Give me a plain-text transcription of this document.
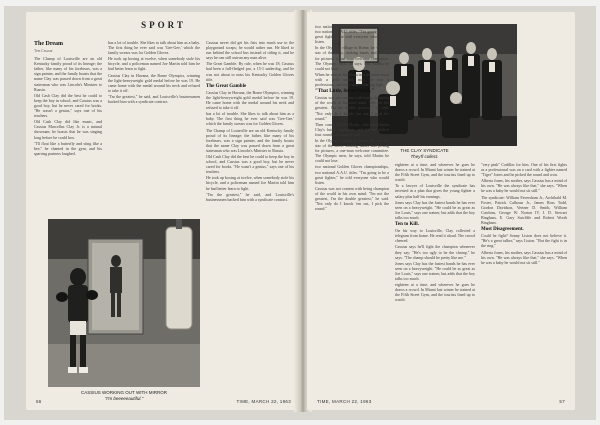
SPORT
The Dream
The Champ

The Champ of Louisville are an old Kentucky family proud of its lineage; the father, like many of his forebears, was a sign painter, and the family boasts that the name Clay was passed down from a great statesman who was Lincoln's Minister to Russia.

Old Cash Clay did the best he could to keep the boy in school, and Cassius was a good boy, but he never cared for books. "He wasn't a genius," says one of his teachers.

Old Cash Clay did like music, and Cassius Marcellus Clay Jr. is a natural showman; he boasts that he was singing long before he could box.

"I'll float like a butterfly and sting like a bee," he chanted in the gym, and his sparring partners laughed.

has a lot of trouble. She likes to talk about him as a baby. The first thing he ever said was 'Gee-Gee,' which the family swears was for Golden Gloves.

He took up boxing at twelve, when somebody stole his bicycle, and a policeman named Joe Martin told him he had better learn to fight.

Cassius Clay in Havana, the Rome Olympics, winning the light-heavyweight gold medal before he was 19. He came home with the medal around his neck and refused to take it off.

"I'm the greatest," he said, and Louisville's businessmen backed him with a syndicate contract.

Cassius never did get his fists into much use in the playground scraps; he would rather run. He liked to run behind the school bus instead of riding it, and he says he can still outrun any man alive.

The Great Gamble. By rule, when he was 18, Cassius had been a full-fledged pro, a 15-1 underdog, and he was not about to miss his Kentucky Golden Gloves title.

The Great Gamble

Cassius Clay in Havana, the Rome Olympics, winning the light-heavyweight gold medal before he was 19. He came home with the medal around his neck and refused to take it off.

has a lot of trouble. She likes to talk about him as a baby. The first thing he ever said was 'Gee-Gee,' which the family swears was for Golden Gloves.

The Champ of Louisville are an old Kentucky family proud of its lineage; the father, like many of his forebears, was a sign painter, and the family boasts that the name Clay was passed down from a great statesman who was Lincoln's Minister to Russia.

Old Cash Clay did the best he could to keep the boy in school, and Cassius was a good boy, but he never cared for books. "He wasn't a genius," says one of his teachers.

He took up boxing at twelve, when somebody stole his bicycle, and a policeman named Joe Martin told him he had better learn to fight.

"I'm the greatest," he said, and Louisville's businessmen backed him with a syndicate contract.

CASSIUS WORKING OUT WITH MIRROR
"I'm beeeeeautiful."
56	TIME, MARCH 22, 1963
THE CLAY SYNDICATE
They'll collect.

two national Golden Gloves championships, two national A.A.U. titles. "I'm going to be a great fighter," he told everyone who would listen.

In the Olympic village in Rome, he was the star of the show, shaking hands and posing for pictures, a one-man welcome committee. The Olympic men, he says, told Martin he could not lose.

When he won at San Francisco he came away with a gold medal; now he was a professional, and they wanted the big fight.

"That Little, Smart Aleck."

Cassius was not content with being champion of the world in his own mind. "I'm not the greatest, I'm the double greatest," he said. "Not only do I knock 'em out, I pick the round."

Then came Archie Moore, who had beaten Clay's future opponents, and the kid picked four rounds and won in four.

In the Olympic village in Rome, he was the star of the show, shaking hands and posing for pictures, a one-man welcome committee. The Olympic men, he says, told Martin he could not lose.

two national Golden Gloves championships, two national A.A.U. titles. "I'm going to be a great fighter," he told everyone who would listen.

Cassius was not content with being champion of the world in his own mind. "I'm not the greatest, I'm the double greatest," he said. "Not only do I knock 'em out, I pick the round."

eighteen at a time, and wherever he goes he draws a crowd. In Miami last winter he trained at the Fifth Street Gym, and the tourists lined up to watch.

To a lawyer of Louisville the syndicate has invested in a plan that gives the young fighter a salary plus half his earnings.

Jones says Clay has the fastest hands he has ever seen on a heavyweight. "He could be as great as Joe Louis," says one trainer, but adds that the boy talks too much.

Ten to Kill.

On his way to Louisville, Clay collected a telegram from home. He read it aloud. The crowd cheered.

Cassius says he'll fight the champion whenever they say; "He's too ugly to be the champ," he says. "The champ should be pretty like me."

Jones says Clay has the fastest hands he has ever seen on a heavyweight. "He could be as great as Joe Louis," says one trainer, but adds that the boy talks too much.

eighteen at a time, and wherever he goes he draws a crowd. In Miami last winter he trained at the Fifth Street Gym, and the tourists lined up to watch.

"very pink" Cadillac for him. One of his first fights as a professional was on a card with a fighter named "Tiger" Jones and he picked the round and won.

Alberta Jones, his mother, says Cassius has a mind of his own. "He was always like that," she says. "When he was a baby he would not sit still."

The syndicate: William Faversham Jr., Archibald M. Foster, Patrick Calhoun Jr., James Ross Todd, Gordon Davidson, Vertner D. Smith, William Cutchins, George W. Norton IV, J. D. Stewart Bingham, E. Gary Sutcliffe and Robert Worth Bingham.

Most Disagreement.

Could he fight? Sonny Liston does not believe it. "He's a great talker," says Liston. "But the fight is in the ring."

Alberta Jones, his mother, says Cassius has a mind of his own. "He was always like that," she says. "When he was a baby he would not sit still."

TIME, MARCH 22, 1963	57
